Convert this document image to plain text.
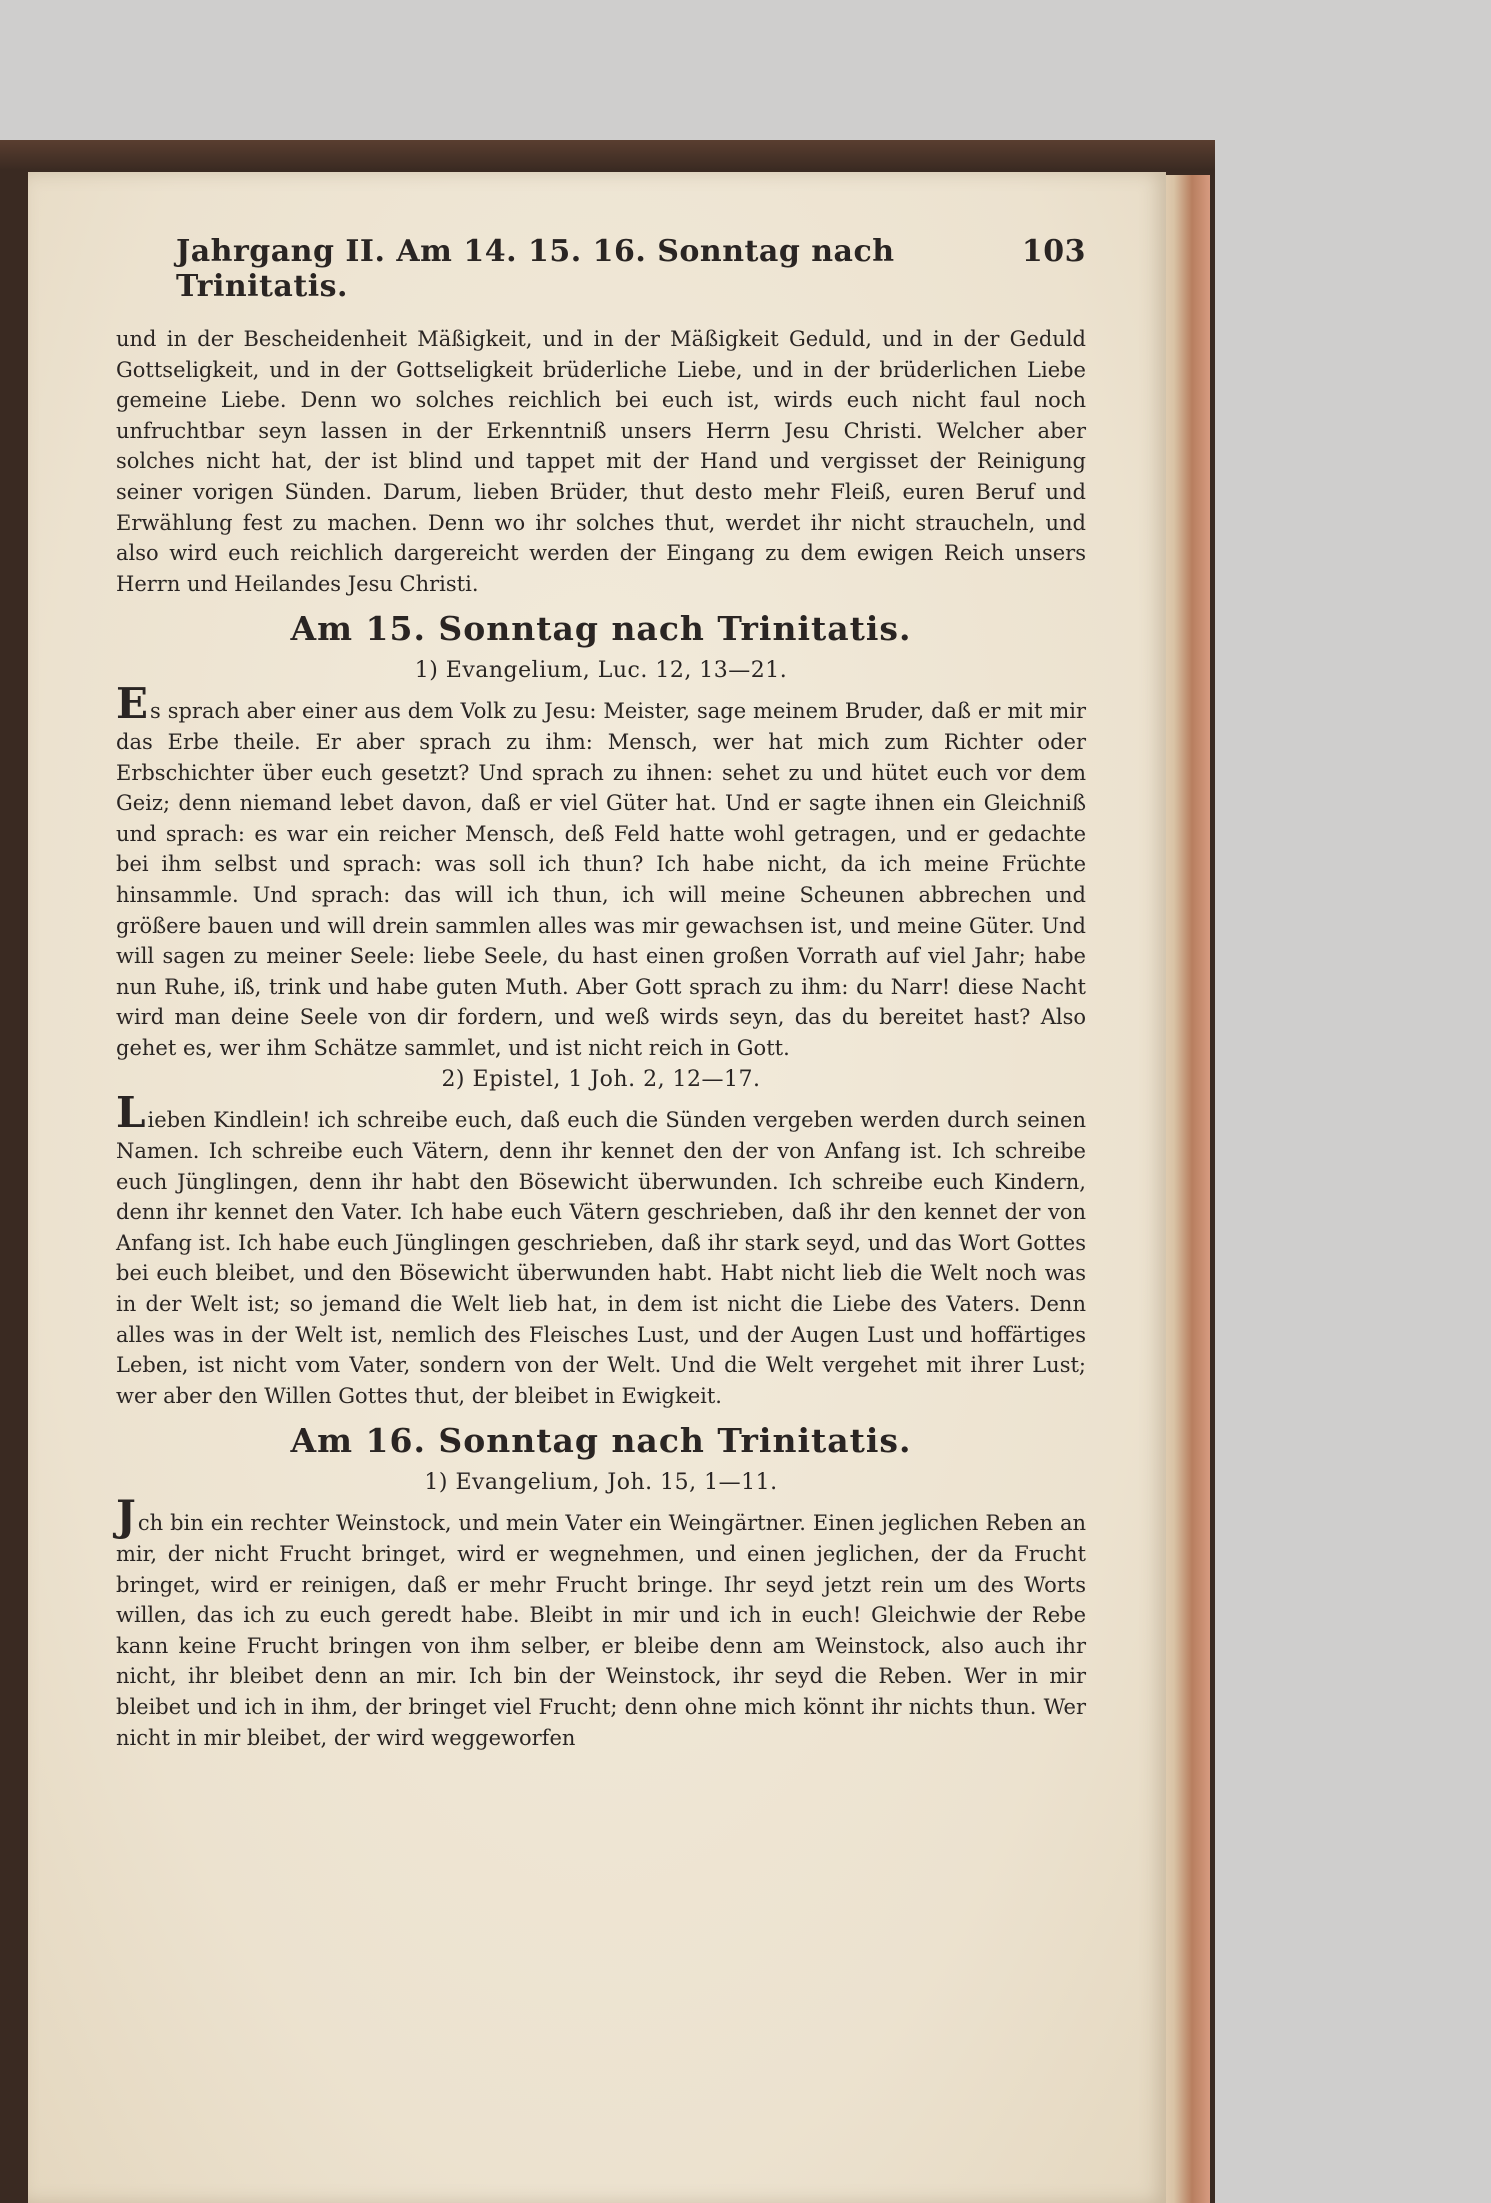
Jahrgang II. Am 14. 15. 16. Sonntag nach Trinitatis.
103

und in der Bescheidenheit Mäßigkeit, und in der Mäßigkeit Geduld, und in der Geduld Gottseligkeit, und in der Gottseligkeit brüderliche Liebe, und in der brüderlichen Liebe gemeine Liebe. Denn wo solches reichlich bei euch ist, wirds euch nicht faul noch unfruchtbar seyn lassen in der Erkenntniß unsers Herrn Jesu Christi. Welcher aber solches nicht hat, der ist blind und tappet mit der Hand und vergisset der Reinigung seiner vorigen Sünden. Darum, lieben Brüder, thut desto mehr Fleiß, euren Beruf und Erwählung fest zu machen. Denn wo ihr solches thut, werdet ihr nicht straucheln, und also wird euch reichlich dargereicht werden der Eingang zu dem ewigen Reich unsers Herrn und Heilandes Jesu Christi.

Am 15. Sonntag nach Trinitatis.
1) Evangelium, Luc. 12, 13—21.

Es sprach aber einer aus dem Volk zu Jesu: Meister, sage meinem Bruder, daß er mit mir das Erbe theile. Er aber sprach zu ihm: Mensch, wer hat mich zum Richter oder Erbschichter über euch gesetzt? Und sprach zu ihnen: sehet zu und hütet euch vor dem Geiz; denn niemand lebet davon, daß er viel Güter hat. Und er sagte ihnen ein Gleichniß und sprach: es war ein reicher Mensch, deß Feld hatte wohl getragen, und er gedachte bei ihm selbst und sprach: was soll ich thun? Ich habe nicht, da ich meine Früchte hinsammle. Und sprach: das will ich thun, ich will meine Scheunen abbrechen und größere bauen und will drein sammlen alles was mir gewachsen ist, und meine Güter. Und will sagen zu meiner Seele: liebe Seele, du hast einen großen Vorrath auf viel Jahr; habe nun Ruhe, iß, trink und habe guten Muth. Aber Gott sprach zu ihm: du Narr! diese Nacht wird man deine Seele von dir fordern, und weß wirds seyn, das du bereitet hast? Also gehet es, wer ihm Schätze sammlet, und ist nicht reich in Gott.

2) Epistel, 1 Joh. 2, 12—17.

Lieben Kindlein! ich schreibe euch, daß euch die Sünden vergeben werden durch seinen Namen. Ich schreibe euch Vätern, denn ihr kennet den der von Anfang ist. Ich schreibe euch Jünglingen, denn ihr habt den Bösewicht überwunden. Ich schreibe euch Kindern, denn ihr kennet den Vater. Ich habe euch Vätern geschrieben, daß ihr den kennet der von Anfang ist. Ich habe euch Jünglingen geschrieben, daß ihr stark seyd, und das Wort Gottes bei euch bleibet, und den Bösewicht überwunden habt. Habt nicht lieb die Welt noch was in der Welt ist; so jemand die Welt lieb hat, in dem ist nicht die Liebe des Vaters. Denn alles was in der Welt ist, nemlich des Fleisches Lust, und der Augen Lust und hoffärtiges Leben, ist nicht vom Vater, sondern von der Welt. Und die Welt vergehet mit ihrer Lust; wer aber den Willen Gottes thut, der bleibet in Ewigkeit.

Am 16. Sonntag nach Trinitatis.
1) Evangelium, Joh. 15, 1—11.

Jch bin ein rechter Weinstock, und mein Vater ein Weingärtner. Einen jeglichen Reben an mir, der nicht Frucht bringet, wird er wegnehmen, und einen jeglichen, der da Frucht bringet, wird er reinigen, daß er mehr Frucht bringe. Ihr seyd jetzt rein um des Worts willen, das ich zu euch geredt habe. Bleibt in mir und ich in euch! Gleichwie der Rebe kann keine Frucht bringen von ihm selber, er bleibe denn am Weinstock, also auch ihr nicht, ihr bleibet denn an mir. Ich bin der Weinstock, ihr seyd die Reben. Wer in mir bleibet und ich in ihm, der bringet viel Frucht; denn ohne mich könnt ihr nichts thun. Wer nicht in mir bleibet, der wird weggeworfen
